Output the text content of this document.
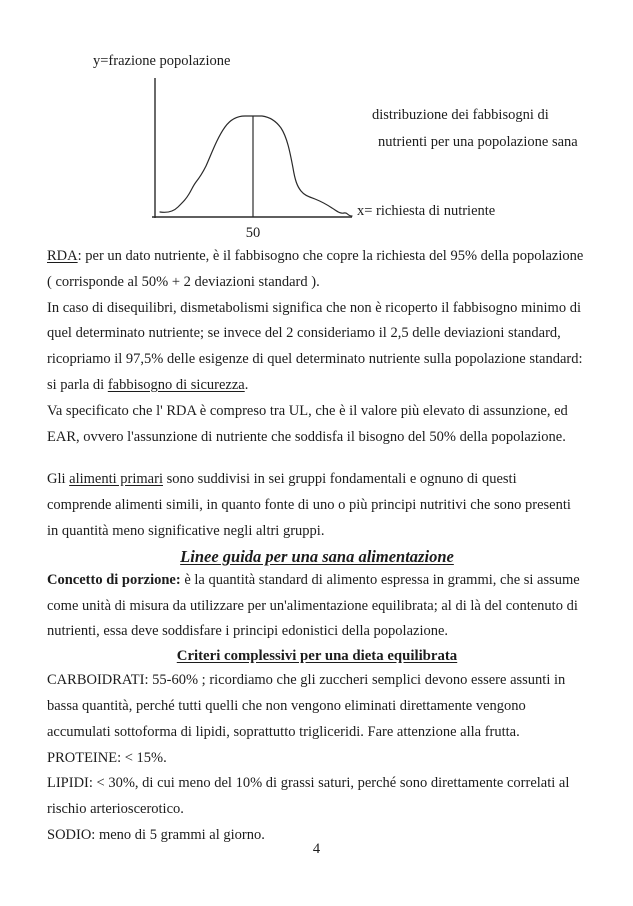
y=frazione popolazione
distribuzione dei fabbisogni di
nutrienti per una popolazione sana
50
x= richiesta di nutriente
RDA: per un dato nutriente, è il fabbisogno che copre la richiesta del 95% della popolazione
( corrisponde al 50% + 2 deviazioni standard ).
In caso di disequilibri, dismetabolismi significa che non è ricoperto il fabbisogno minimo di
quel determinato nutriente; se invece del 2 consideriamo il 2,5 delle deviazioni standard,
ricopriamo il 97,5% delle esigenze di quel determinato nutriente sulla popolazione standard:
si parla di fabbisogno di sicurezza.
Va specificato che l' RDA è compreso tra UL, che è il valore più elevato di assunzione, ed
EAR, ovvero l'assunzione di nutriente che soddisfa il bisogno del 50% della popolazione.
Gli alimenti primari sono suddivisi in sei gruppi fondamentali e ognuno di questi
comprende alimenti simili, in quanto fonte di uno o più principi nutritivi che sono presenti
in quantità meno significative negli altri gruppi.
Linee guida per una sana alimentazione
Concetto di porzione: è la quantità standard di alimento espressa in grammi, che si assume
come unità di misura da utilizzare per un'alimentazione equilibrata; al di là del contenuto di
nutrienti, essa deve soddisfare i principi edonistici della popolazione.
Criteri complessivi per una dieta equilibrata
CARBOIDRATI: 55-60% ; ricordiamo che gli zuccheri semplici devono essere assunti in
bassa quantità, perché tutti quelli che non vengono eliminati direttamente vengono
accumulati sottoforma di lipidi, soprattutto trigliceridi. Fare attenzione alla frutta.
PROTEINE: < 15%.
LIPIDI: < 30%, di cui meno del 10% di grassi saturi, perché sono direttamente correlati al
rischio arterioscerotico.
SODIO: meno di 5 grammi al giorno.
4
